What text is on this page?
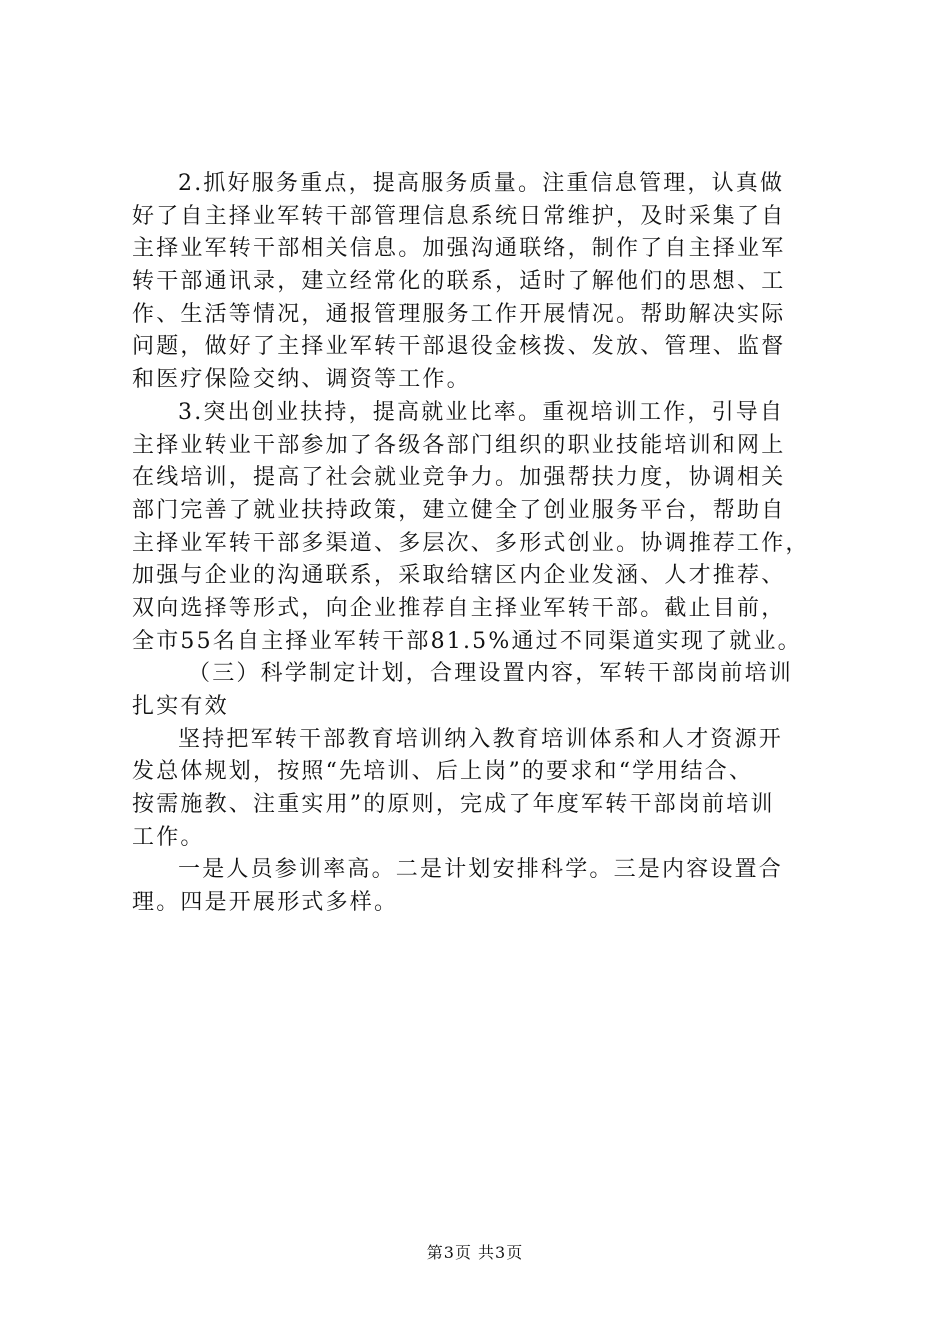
2.抓好服务重点，提高服务质量。注重信息管理，认真做
好了自主择业军转干部管理信息系统日常维护，及时采集了自
主择业军转干部相关信息。加强沟通联络，制作了自主择业军
转干部通讯录，建立经常化的联系，适时了解他们的思想、工
作、生活等情况，通报管理服务工作开展情况。帮助解决实际
问题，做好了主择业军转干部退役金核拨、发放、管理、监督
和医疗保险交纳、调资等工作。
3.突出创业扶持，提高就业比率。重视培训工作，引导自
主择业转业干部参加了各级各部门组织的职业技能培训和网上
在线培训，提高了社会就业竞争力。加强帮扶力度，协调相关
部门完善了就业扶持政策，建立健全了创业服务平台，帮助自
主择业军转干部多渠道、多层次、多形式创业。协调推荐工作，
加强与企业的沟通联系，采取给辖区内企业发涵、人才推荐、
双向选择等形式，向企业推荐自主择业军转干部。截止目前，
全市55名自主择业军转干部81.5%通过不同渠道实现了就业。
（三）科学制定计划，合理设置内容，军转干部岗前培训
扎实有效
坚持把军转干部教育培训纳入教育培训体系和人才资源开
发总体规划，按照“先培训、后上岗”的要求和“学用结合、
按需施教、注重实用”的原则，完成了年度军转干部岗前培训
工作。
一是人员参训率高。二是计划安排科学。三是内容设置合
理。四是开展形式多样。
第3页 共3页
